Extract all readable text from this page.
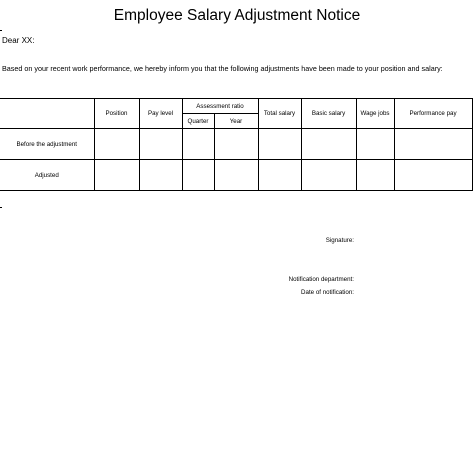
Employee Salary Adjustment Notice
Dear XX:
Based on your recent work performance, we hereby inform you that the following adjustments have been made to your position and salary:
	Position	Pay level	Assessment ratio		Total salary	Basic salary	Wage jobs	Performance pay
			Quarter	Year				
Before the adjustment								
Adjusted								
Signature:
Notification department:
Date of notification:
